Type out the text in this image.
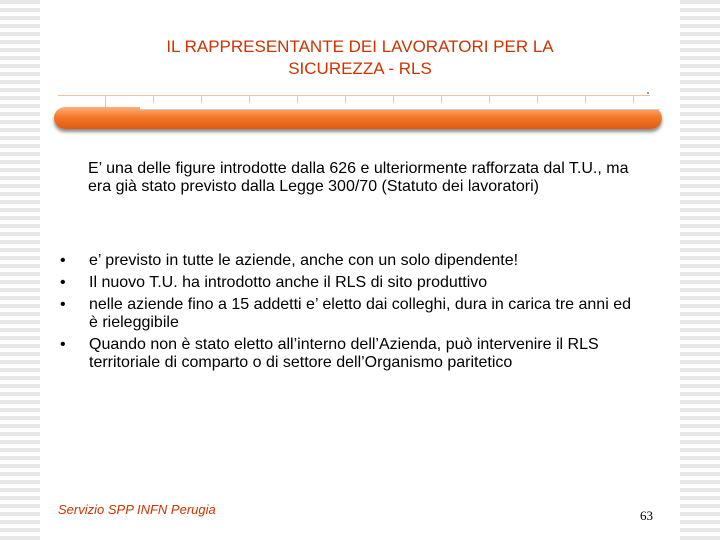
IL RAPPRESENTANTE DEI LAVORATORI PER LA
SICUREZZA - RLS
E’ una delle figure introdotte dalla 626 e ulteriormente rafforzata dal T.U., ma era già stato previsto dalla Legge 300/70 (Statuto dei lavoratori)
• e’ previsto in tutte le aziende, anche con un solo dipendente!
• Il nuovo T.U. ha introdotto anche il RLS di sito produttivo
• nelle aziende fino a 15 addetti e’ eletto dai colleghi, dura in carica tre anni ed è rieleggibile
• Quando non è stato eletto all’interno dell’Azienda, può intervenire il RLS territoriale di comparto o di settore dell’Organismo paritetico
Servizio SPP INFN Perugia	63
